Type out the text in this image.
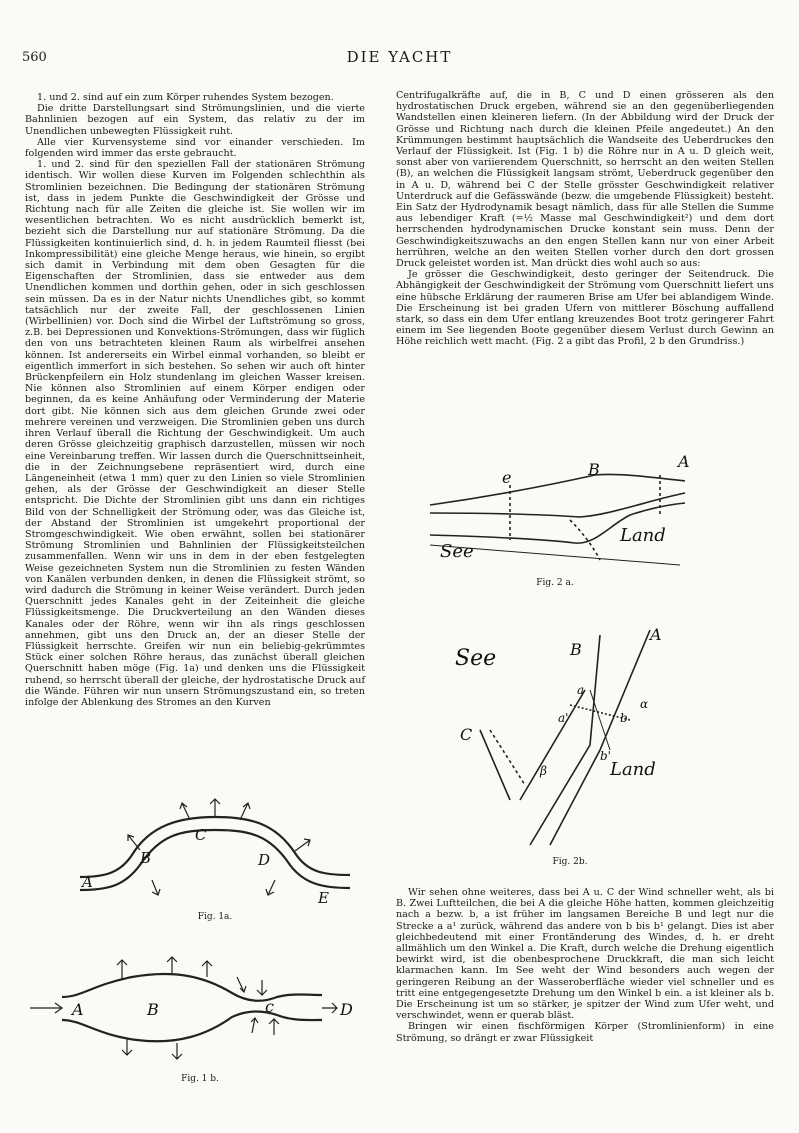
560	DIE YACHT

1. und 2. sind auf ein zum Körper ruhendes System bezogen.

Die dritte Darstellungsart sind Strömungslinien, und die vierte Bahnlinien bezogen auf ein System, das relativ zu der im Unendlichen unbewegten Flüssigkeit ruht.

Alle vier Kurvensysteme sind vor einander verschieden. Im folgenden wird immer das erste gebraucht.

1. und 2. sind für den speziellen Fall der stationären Strömung identisch. Wir wollen diese Kurven im Folgenden schlechthin als Stromlinien bezeichnen. Die Bedingung der stationären Strömung ist, dass in jedem Punkte die Geschwindigkeit der Grösse und Richtung nach für alle Zeiten die gleiche ist. Sie wollen wir im wesentlichen betrachten. Wo es nicht ausdrücklich bemerkt ist, bezieht sich die Darstellung nur auf stationäre Strömung. Da die Flüssigkeiten kontinuierlich sind, d. h. in jedem Raumteil fliesst (bei Inkompressibilität) eine gleiche Menge heraus, wie hinein, so ergibt sich damit in Verbindung mit dem oben Gesagten für die Eigenschaften der Stromlinien, dass sie entweder aus dem Unendlichen kommen und dorthin gehen, oder in sich geschlossen sein müssen. Da es in der Natur nichts Unendliches gibt, so kommt tatsächlich nur der zweite Fall, der geschlossenen Linien (Wirbellinien) vor. Doch sind die Wirbel der Luftströmung so gross, z.B. bei Depressionen und Konvektions-Strömungen, dass wir füglich den von uns betrachteten kleinen Raum als wirbelfrei ansehen können. Ist andererseits ein Wirbel einmal vorhanden, so bleibt er eigentlich immerfort in sich bestehen. So sehen wir auch oft hinter Brückenpfeilern ein Holz stundenlang im gleichen Wasser kreisen. Nie können also Stromlinien auf einem Körper endigen oder beginnen, da es keine Anhäufung oder Verminderung der Materie dort gibt. Nie können sich aus dem gleichen Grunde zwei oder mehrere vereinen und verzweigen. Die Stromlinien geben uns durch ihren Verlauf überall die Richtung der Geschwindigkeit. Um auch deren Grösse gleichzeitig graphisch darzustellen, müssen wir noch eine Vereinbarung treffen. Wir lassen durch die Querschnittseinheit, die in der Zeichnungsebene repräsentiert wird, durch eine Längeneinheit (etwa 1 mm) quer zu den Linien so viele Stromlinien gehen, als der Grösse der Geschwindigkeit an dieser Stelle entspricht. Die Dichte der Stromlinien gibt uns dann ein richtiges Bild von der Schnelligkeit der Strömung oder, was das Gleiche ist, der Abstand der Stromlinien ist umgekehrt proportional der Stromgeschwindigkeit. Wie oben erwähnt, sollen bei stationärer Strömung Stromlinien und Bahnlinien der Flüssigkeitsteilchen zusammenfallen. Wenn wir uns in dem in der eben festgelegten Weise gezeichneten System nun die Stromlinien zu festen Wänden von Kanälen verbunden denken, in denen die Flüssigkeit strömt, so wird dadurch die Strömung in keiner Weise verändert. Durch jeden Querschnitt jedes Kanales geht in der Zeiteinheit die gleiche Flüssigkeitsmenge. Die Druckverteilung an den Wänden dieses Kanales oder der Röhre, wenn wir ihn als rings geschlossen annehmen, gibt uns den Druck an, der an dieser Stelle der Flüssigkeit herrschte. Greifen wir nun ein beliebig-gekrümmtes Stück einer solchen Röhre heraus, das zunächst überall gleichen Querschnitt haben möge (Fig. 1a) und denken uns die Flüssigkeit ruhend, so herrscht überall der gleiche, der hydrostatische Druck auf die Wände. Führen wir nun unsern Strömungszustand ein, so treten infolge der Ablenkung des Stromes an den Kurven

A
B
C
D
E
Fig. 1a.
A	B	c	D
Fig. 1 b.

Centrifugalkräfte auf, die in B, C und D einen grösseren als den hydrostatischen Druck ergeben, während sie an den gegenüberliegenden Wandstellen einen kleineren liefern. (In der Abbildung wird der Druck der Grösse und Richtung nach durch die kleinen Pfeile angedeutet.) An den Krümmungen bestimmt hauptsächlich die Wandseite des Ueberdruckes den Verlauf der Flüssigkeit. Ist (Fig. 1 b) die Röhre nur in A u. D gleich weit, sonst aber von variierendem Querschnitt, so herrscht an den weiten Stellen (B), an welchen die Flüssigkeit langsam strömt, Ueberdruck gegenüber den in A u. D, während bei C der Stelle grösster Geschwindigkeit relativer Unterdruck auf die Gefässwände (bezw. die umgebende Flüssigkeit) besteht. Ein Satz der Hydrodynamik besagt nämlich, dass für alle Stellen die Summe aus lebendiger Kraft (=½ Masse mal Geschwindigkeit²) und dem dort herrschenden hydrodynamischen Drucke konstant sein muss. Denn der Geschwindigkeitszuwachs an den engen Stellen kann nur von einer Arbeit herrühren, welche an den weiten Stellen vorher durch den dort grossen Druck geleistet worden ist. Man drückt dies wohl auch so aus:

Je grösser die Geschwindigkeit, desto geringer der Seitendruck. Die Abhängigkeit der Geschwindigkeit der Strömung vom Querschnitt liefert uns eine hübsche Erklärung der raumeren Brise am Ufer bei ablandigem Winde. Die Erscheinung ist bei graden Ufern von mittlerer Böschung auffallend stark, so dass ein dem Ufer entlang kreuzendes Boot trotz geringerer Fahrt einem im See liegenden Boote gegenüber diesem Verlust durch Gewinn an Höhe reichlich wett macht. (Fig. 2 a gibt das Profil, 2 b den Grundriss.)

e	B	A
See
Land
Fig. 2 a.
See
A
B
a
a'	b
α
C
β
b'
Land
Fig. 2b.

Wir sehen ohne weiteres, dass bei A u. C der Wind schneller weht, als bi B. Zwei Luftteilchen, die bei A die gleiche Höhe hatten, kommen gleichzeitig nach a bezw. b, a ist früher im langsamen Bereiche B und legt nur die Strecke a a¹ zurück, während das andere von b bis b¹ gelangt. Dies ist aber gleichbedeutend mit einer Frontänderung des Windes, d. h. er dreht allmählich um den Winkel a. Die Kraft, durch welche die Drehung eigentlich bewirkt wird, ist die obenbesprochene Druckkraft, die man sich leicht klarmachen kann. Im See weht der Wind besonders auch wegen der geringeren Reibung an der Wasseroberfläche wieder viel schneller und es tritt eine entgegengesetzte Drehung um den Winkel b ein. a ist kleiner als b. Die Erscheinung ist um so stärker, je spitzer der Wind zum Ufer weht, und verschwindet, wenn er querab bläst.

Bringen wir einen fischförmigen Körper (Stromlinienform) in eine Strömung, so drängt er zwar Flüssigkeit
